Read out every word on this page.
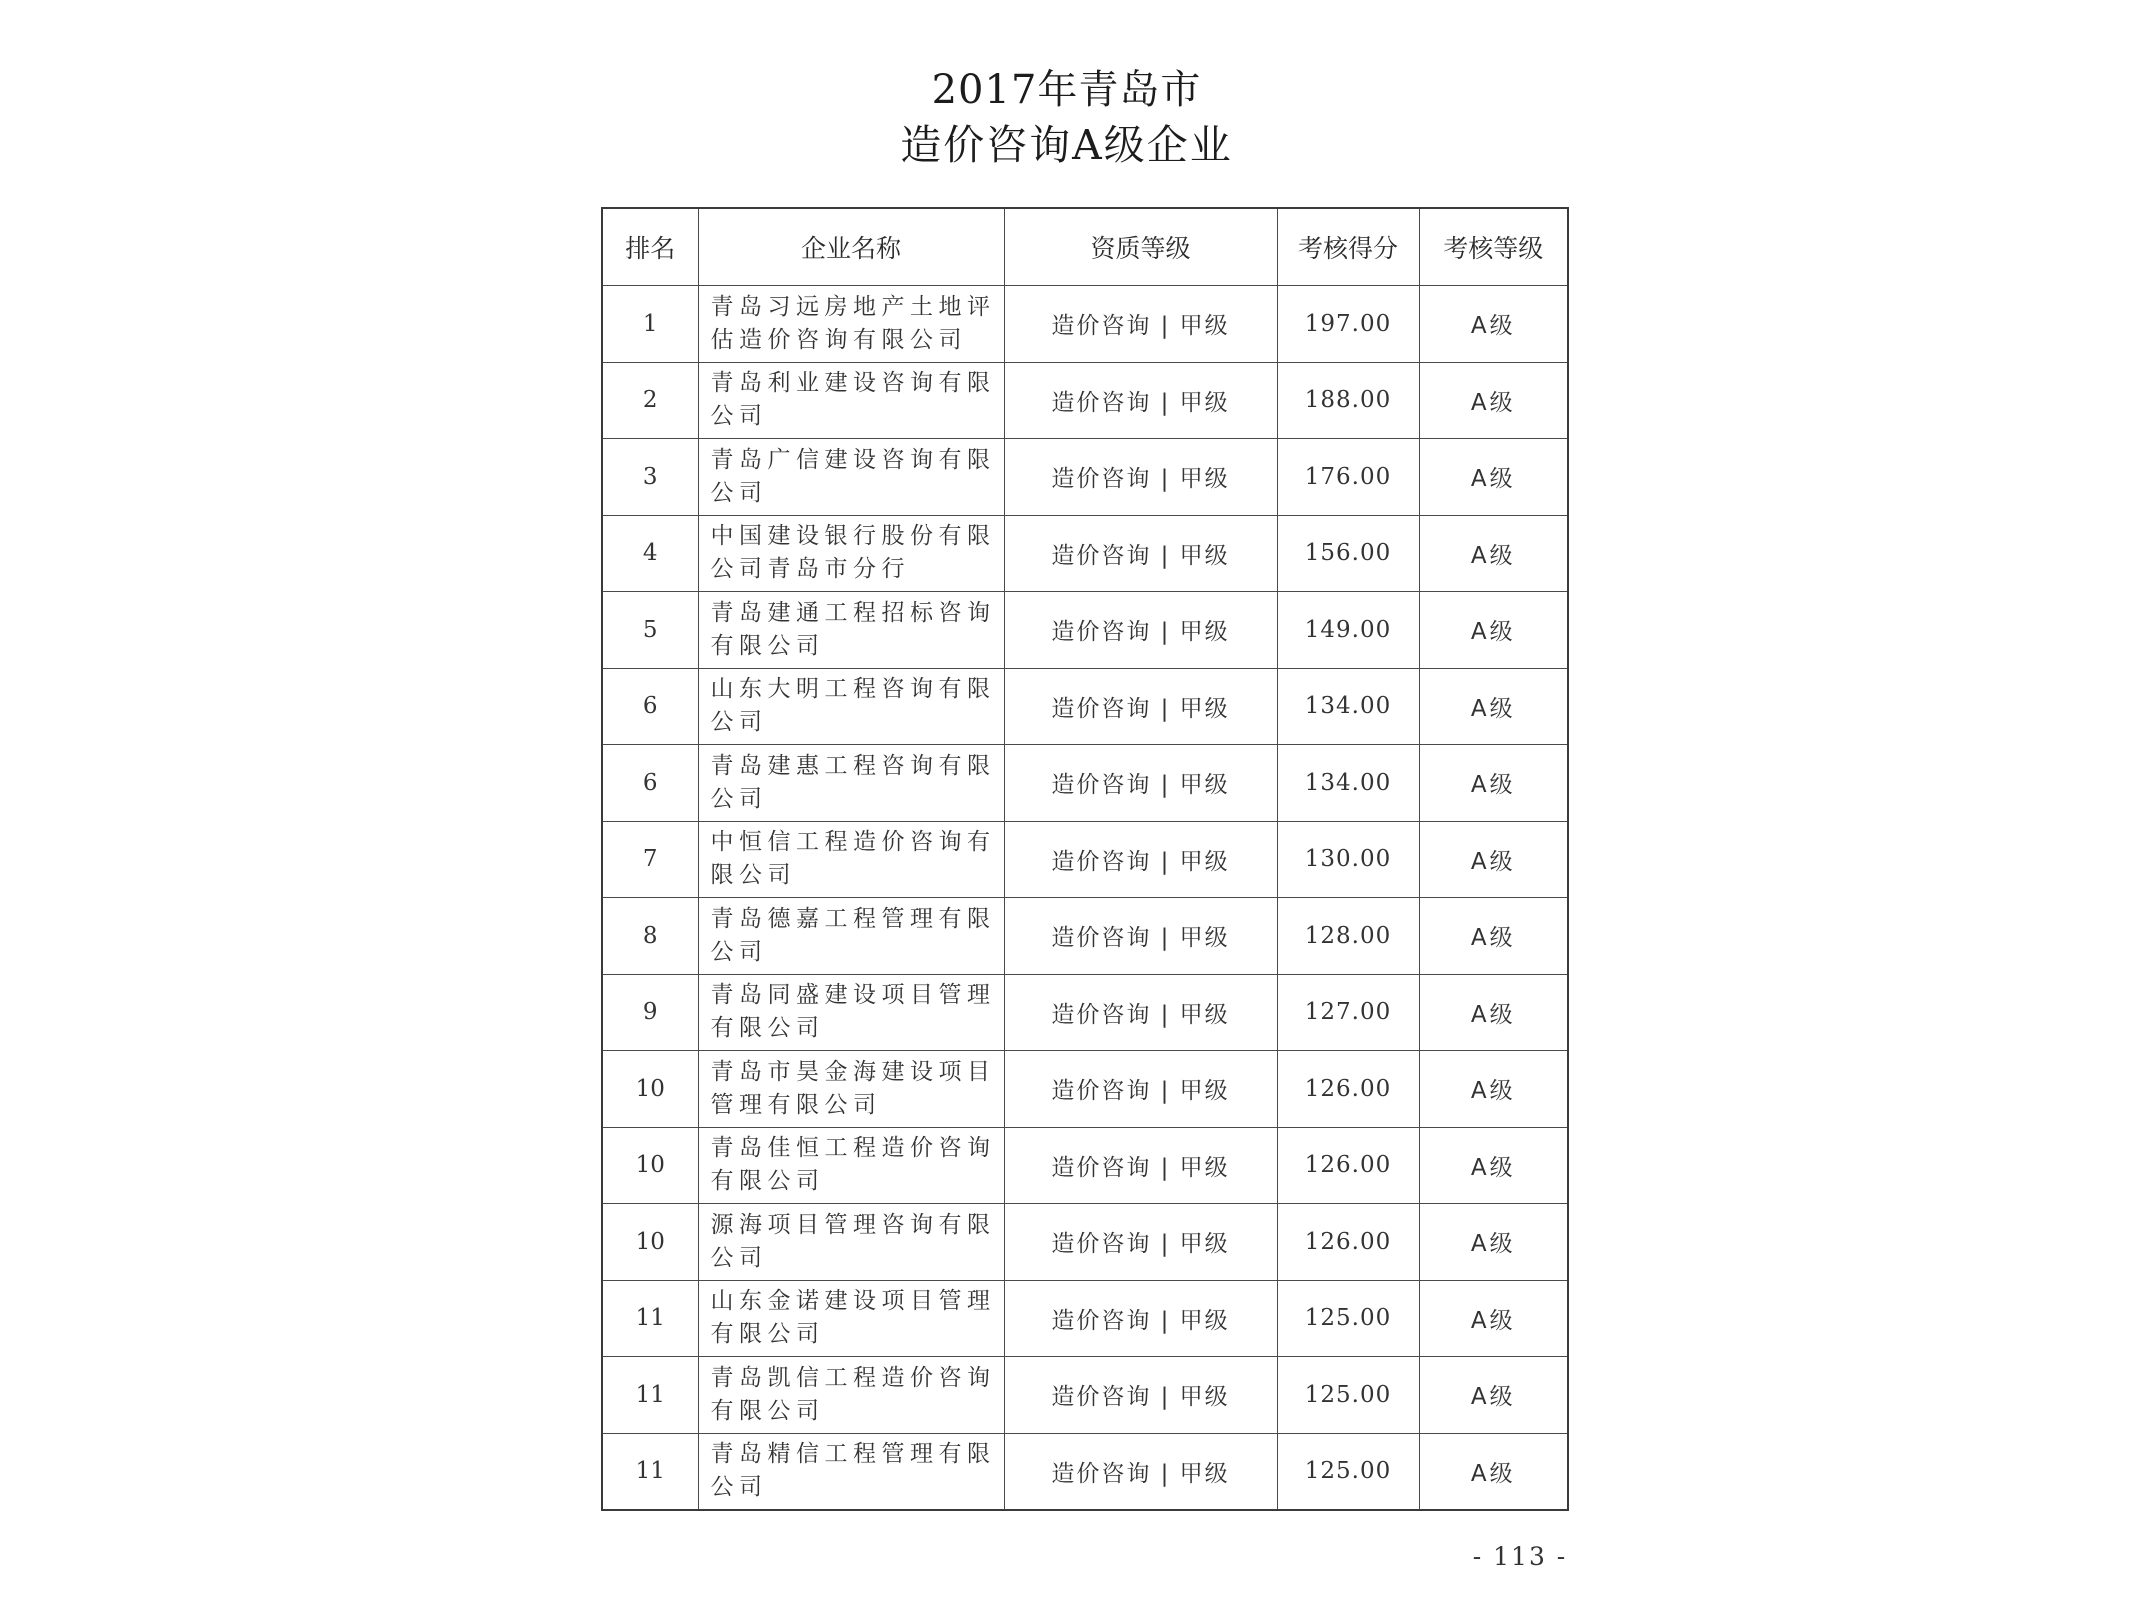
2017年青岛市
造价咨询A级企业
排名	企业名称	资质等级	考核得分	考核等级
1	青岛习远房地产土地评估造价咨询有限公司	造价咨询 | 甲级	197.00	A级
2	青岛利业建设咨询有限公司	造价咨询 | 甲级	188.00	A级
3	青岛广信建设咨询有限公司	造价咨询 | 甲级	176.00	A级
4	中国建设银行股份有限公司青岛市分行	造价咨询 | 甲级	156.00	A级
5	青岛建通工程招标咨询有限公司	造价咨询 | 甲级	149.00	A级
6	山东大明工程咨询有限公司	造价咨询 | 甲级	134.00	A级
6	青岛建惠工程咨询有限公司	造价咨询 | 甲级	134.00	A级
7	中恒信工程造价咨询有限公司	造价咨询 | 甲级	130.00	A级
8	青岛德嘉工程管理有限公司	造价咨询 | 甲级	128.00	A级
9	青岛同盛建设项目管理有限公司	造价咨询 | 甲级	127.00	A级
10	青岛市昊金海建设项目管理有限公司	造价咨询 | 甲级	126.00	A级
10	青岛佳恒工程造价咨询有限公司	造价咨询 | 甲级	126.00	A级
10	源海项目管理咨询有限公司	造价咨询 | 甲级	126.00	A级
11	山东金诺建设项目管理有限公司	造价咨询 | 甲级	125.00	A级
11	青岛凯信工程造价咨询有限公司	造价咨询 | 甲级	125.00	A级
11	青岛精信工程管理有限公司	造价咨询 | 甲级	125.00	A级
- 113 -
